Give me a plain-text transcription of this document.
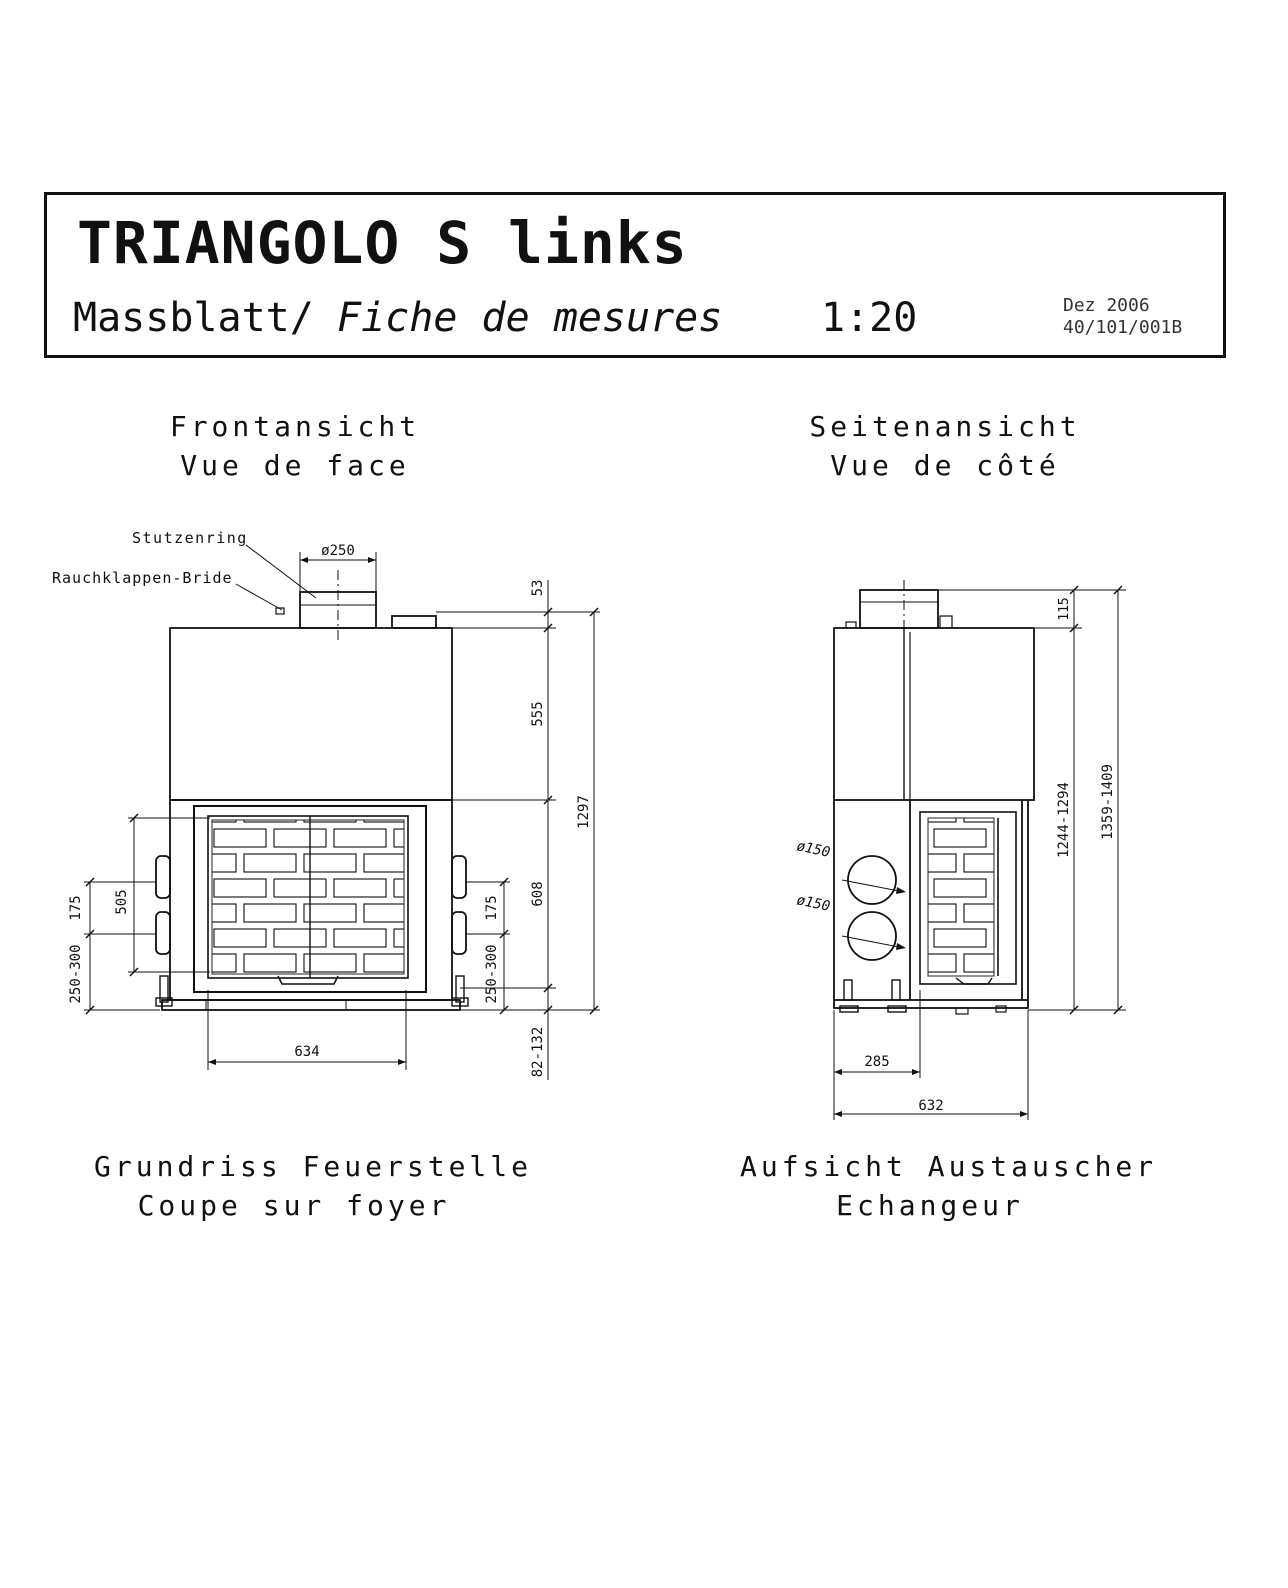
TRIANGOLO S links
Massblatt/ Fiche de mesures 1:20	Dez 2006
40/101/001B
Frontansicht
Vue de face
Seitenansicht
Vue de côté
Stutzenring
Rauchklappen-Bride
ø250
53
555
608
1297
82-132
505
175
250-300
175
250-300
634
ø150
ø150
115
1244-1294 1359-1409
285
632
Grundriss Feuerstelle
Coupe sur foyer
Aufsicht Austauscher
Echangeur
